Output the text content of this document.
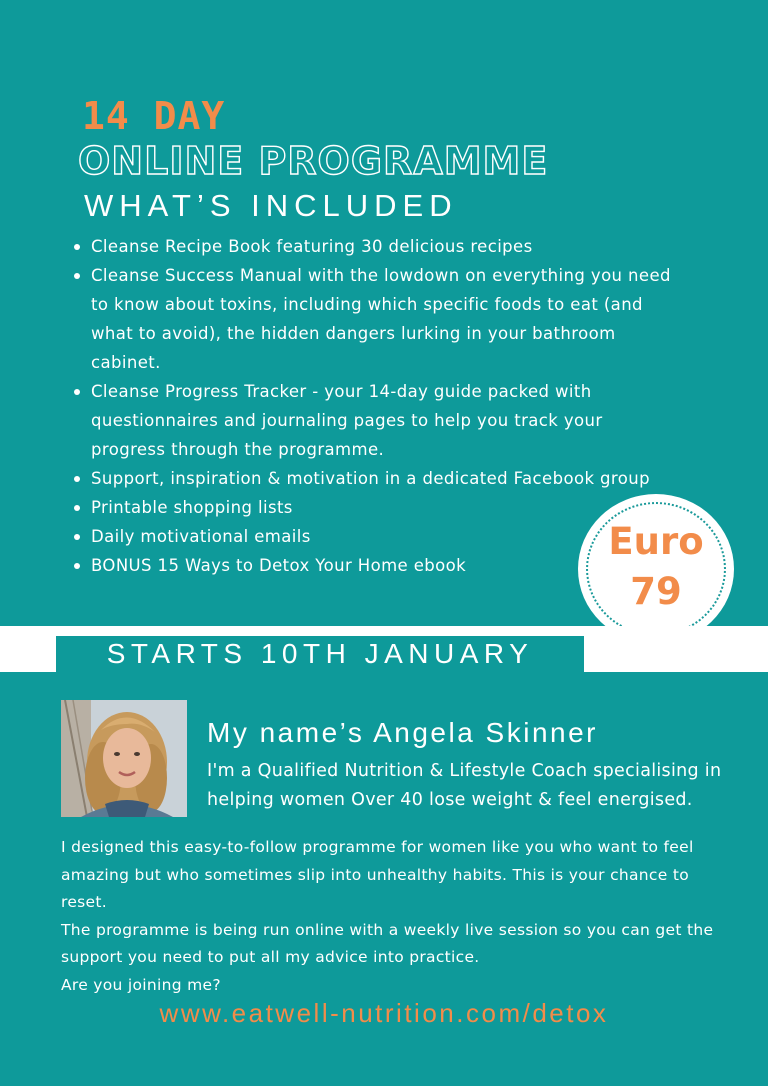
14 DAY
ONLINE PROGRAMME
WHAT’S INCLUDED
Cleanse Recipe Book featuring 30 delicious recipes
Cleanse Success Manual with the lowdown on everything you need to know about toxins, including which specific foods to eat (and what to avoid), the hidden dangers lurking in your bathroom cabinet.
Cleanse Progress Tracker - your 14-day guide packed with questionnaires and journaling pages to help you track your progress through the programme.
Support, inspiration & motivation in a dedicated Facebook group
Printable shopping lists
Daily motivational emails
BONUS 15 Ways to Detox Your Home ebook
Euro
79
STARTS 10TH JANUARY
My name’s Angela Skinner
I'm a Qualified Nutrition & Lifestyle Coach specialising in helping women Over 40 lose weight & feel energised.

I designed this easy-to-follow programme for women like you who want to feel amazing but who sometimes slip into unhealthy habits. This is your chance to reset.

The programme is being run online with a weekly live session so you can get the support you need to put all my advice into practice.

Are you joining me?

www.eatwell-nutrition.com/detox
